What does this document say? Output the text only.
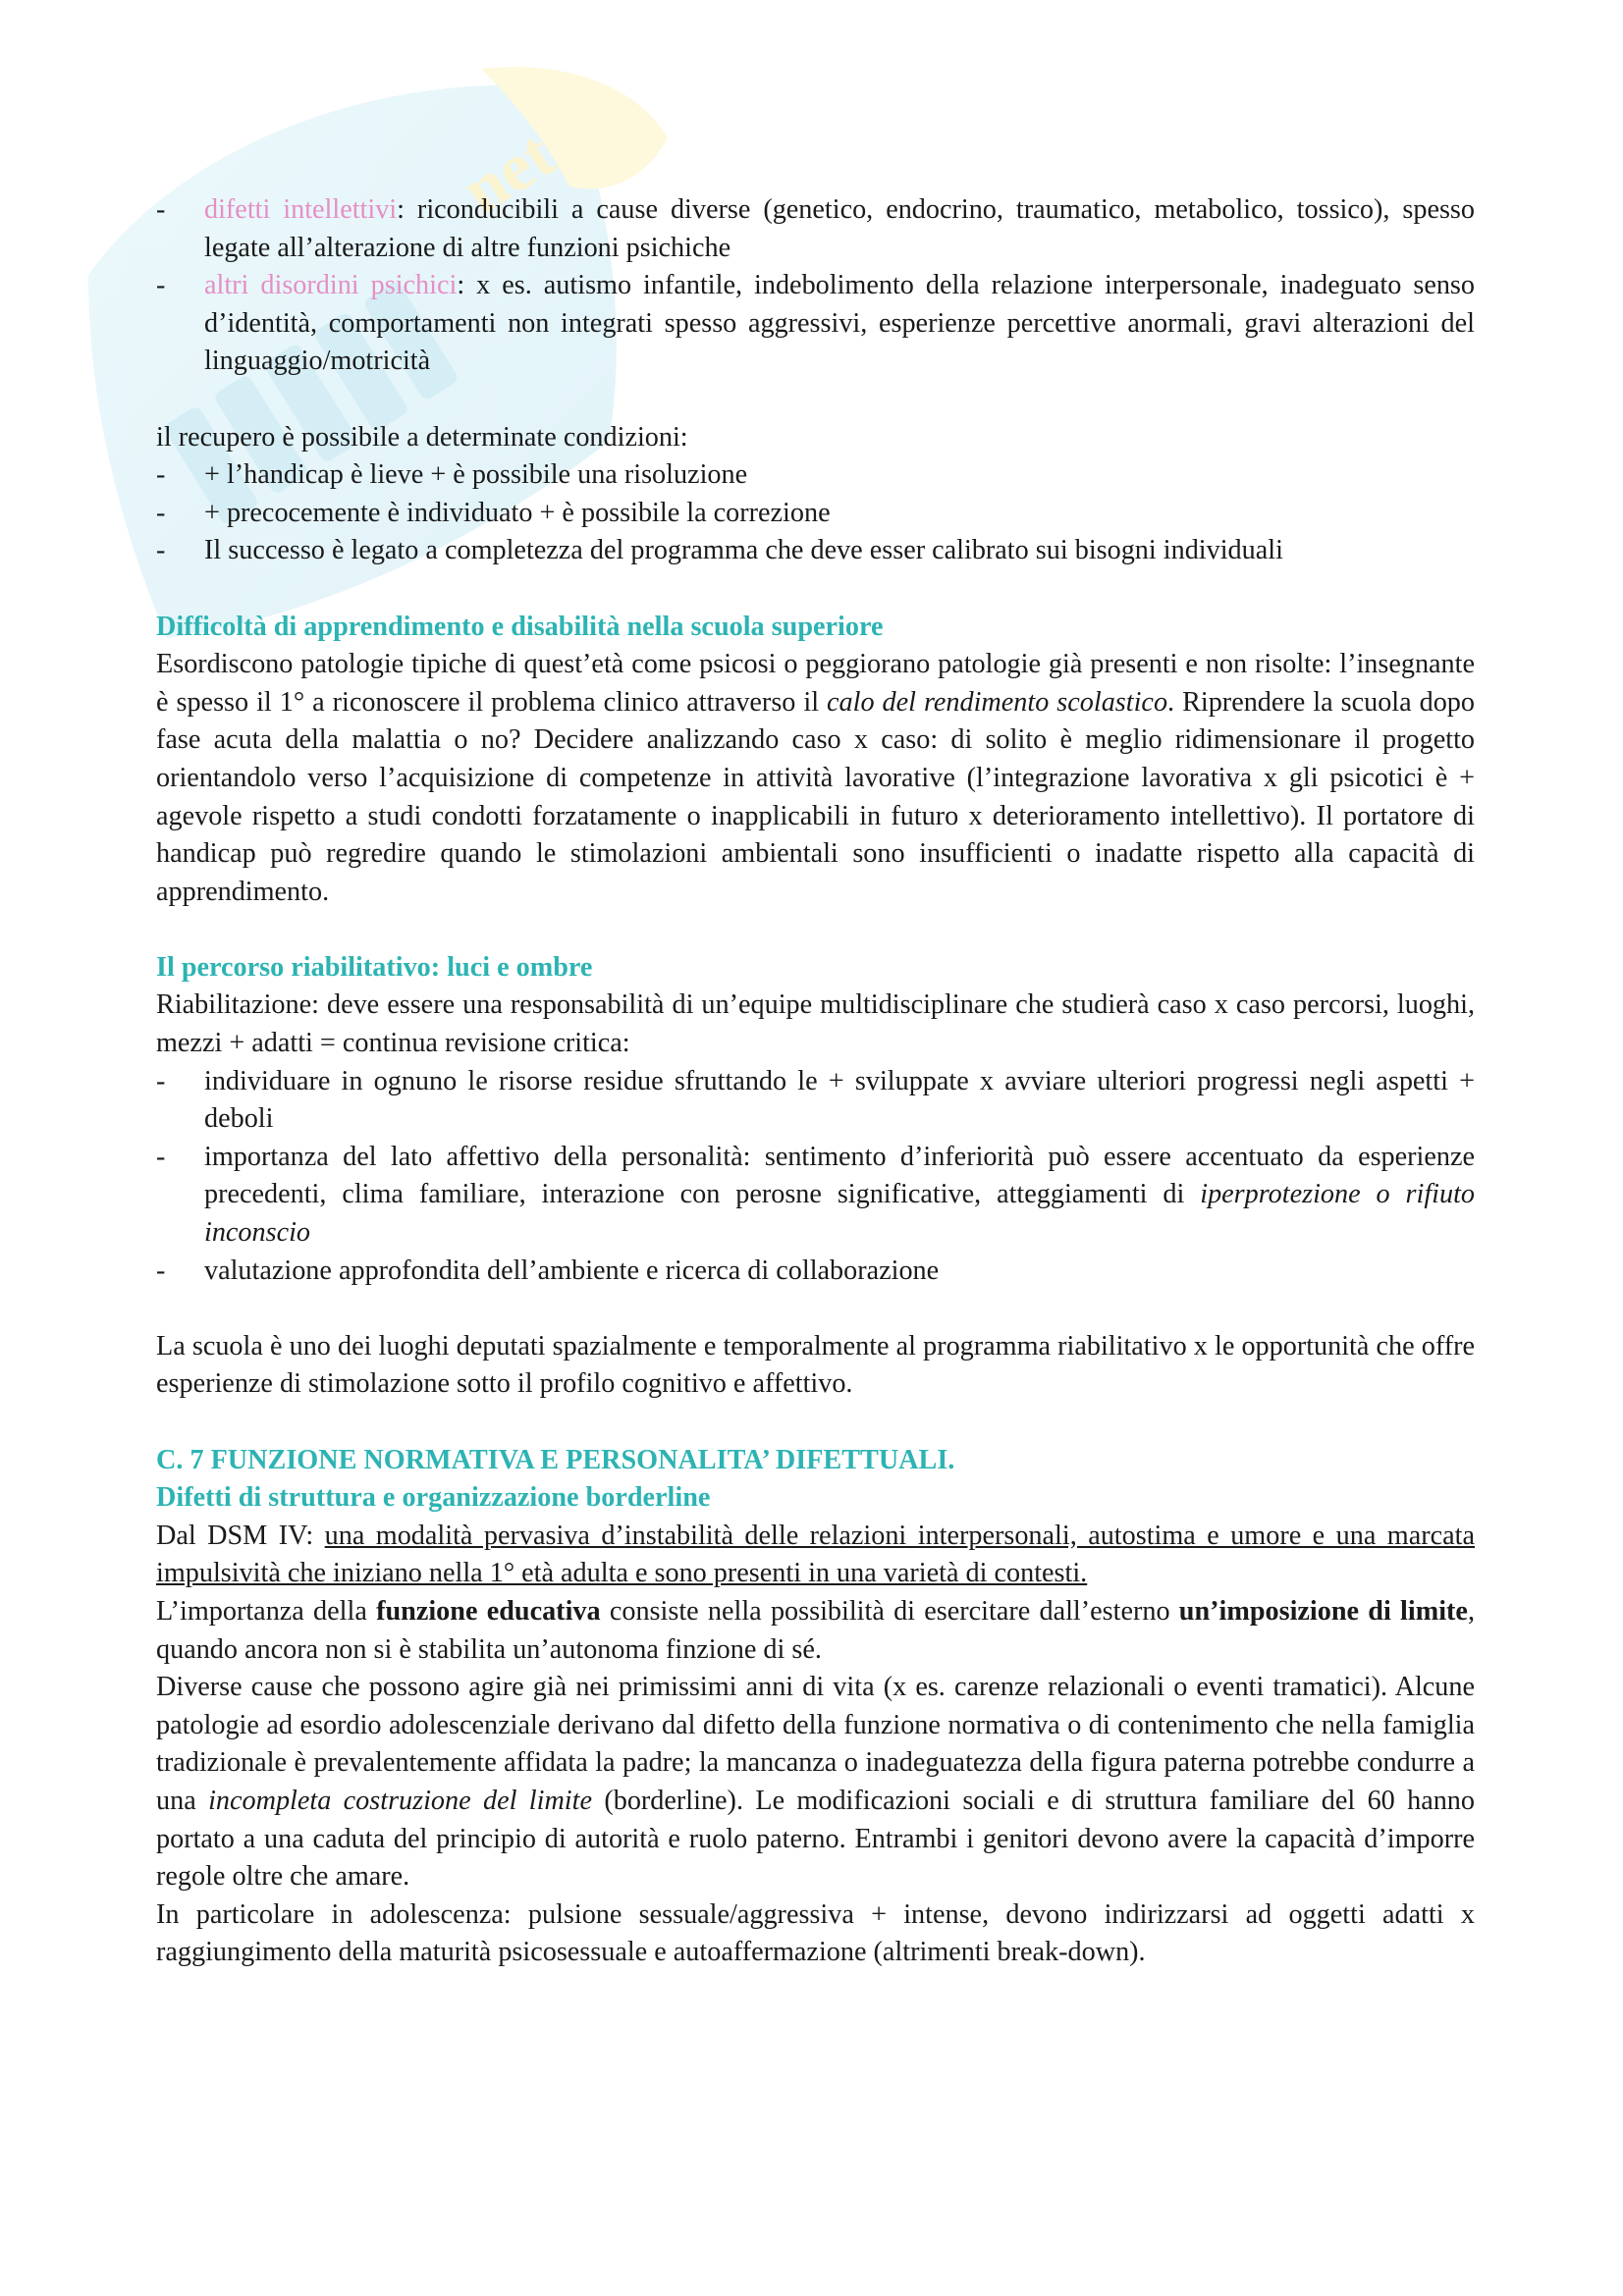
net
- difetti intellettivi: riconducibili a cause diverse (genetico, endocrino, traumatico, metabolico, tossico), spesso legate all’alterazione di altre funzioni psichiche
- altri disordini psichici: x es. autismo infantile, indebolimento della relazione interpersonale, inadeguato senso d’identità, comportamenti non integrati spesso aggressivi, esperienze percettive anormali, gravi alterazioni del linguaggio/motricità

il recupero è possibile a determinate condizioni:

- + l’handicap è lieve + è possibile una risoluzione
- + precocemente è individuato + è possibile la correzione
- Il successo è legato a completezza del programma che deve esser calibrato sui bisogni individuali

Difficoltà di apprendimento e disabilità nella scuola superiore

Esordiscono patologie tipiche di quest’età come psicosi o peggiorano patologie già presenti e non risolte: l’insegnante è spesso il 1° a riconoscere il problema clinico attraverso il calo del rendimento scolastico. Riprendere la scuola dopo fase acuta della malattia o no? Decidere analizzando caso x caso: di solito è meglio ridimensionare il progetto orientandolo verso l’acquisizione di competenze in attività lavorative (l’integrazione lavorativa x gli psicotici è + agevole rispetto a studi condotti forzatamente o inapplicabili in futuro x deterioramento intellettivo). Il portatore di handicap può regredire quando le stimolazioni ambientali sono insufficienti o inadatte rispetto alla capacità di apprendimento.

Il percorso riabilitativo: luci e ombre

Riabilitazione: deve essere una responsabilità di un’equipe multidisciplinare che studierà caso x caso percorsi, luoghi, mezzi + adatti = continua revisione critica:

- individuare in ognuno le risorse residue sfruttando le + sviluppate x avviare ulteriori progressi negli aspetti + deboli
- importanza del lato affettivo della personalità: sentimento d’inferiorità può essere accentuato da esperienze precedenti, clima familiare, interazione con perosne significative, atteggiamenti di iperprotezione o rifiuto inconscio
- valutazione approfondita dell’ambiente e ricerca di collaborazione

La scuola è uno dei luoghi deputati spazialmente e temporalmente al programma riabilitativo x le opportunità che offre esperienze di stimolazione sotto il profilo cognitivo e affettivo.

C. 7 FUNZIONE NORMATIVA E PERSONALITA’ DIFETTUALI.

Difetti di struttura e organizzazione borderline

Dal DSM IV: una modalità pervasiva d’instabilità delle relazioni interpersonali, autostima e umore e una marcata impulsività che iniziano nella 1° età adulta e sono presenti in una varietà di contesti.

L’importanza della funzione educativa consiste nella possibilità di esercitare dall’esterno un’imposizione di limite, quando ancora non si è stabilita un’autonoma finzione di sé.

Diverse cause che possono agire già nei primissimi anni di vita (x es. carenze relazionali o eventi tramatici). Alcune patologie ad esordio adolescenziale derivano dal difetto della funzione normativa o di contenimento che nella famiglia tradizionale è prevalentemente affidata la padre; la mancanza o inadeguatezza della figura paterna potrebbe condurre a una incompleta costruzione del limite (borderline). Le modificazioni sociali e di struttura familiare del 60 hanno portato a una caduta del principio di autorità e ruolo paterno. Entrambi i genitori devono avere la capacità d’imporre regole oltre che amare.

In particolare in adolescenza: pulsione sessuale/aggressiva + intense, devono indirizzarsi ad oggetti adatti x raggiungimento della maturità psicosessuale e autoaffermazione (altrimenti break-down).
